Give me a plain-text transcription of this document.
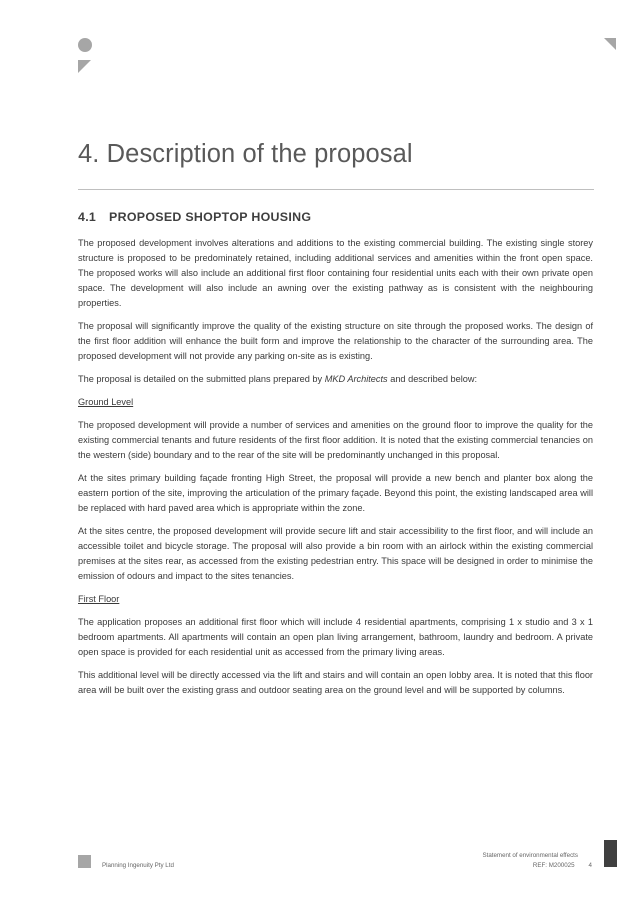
4. Description of the proposal
4.1 PROPOSED SHOPTOP HOUSING

The proposed development involves alterations and additions to the existing commercial building. The existing single storey structure is proposed to be predominately retained, including additional services and amenities within the front open space. The proposed works will also include an additional first floor containing four residential units each with their own private open space. The development will also include an awning over the existing pathway as is consistent with the neighbouring properties.

The proposal will significantly improve the quality of the existing structure on site through the proposed works. The design of the first floor addition will enhance the built form and improve the relationship to the character of the surrounding area. The proposed development will not provide any parking on-site as is existing.

The proposal is detailed on the submitted plans prepared by MKD Architects and described below:

Ground Level

The proposed development will provide a number of services and amenities on the ground floor to improve the quality for the existing commercial tenants and future residents of the first floor addition. It is noted that the existing commercial tenancies on the western (side) boundary and to the rear of the site will be predominantly unchanged in this proposal.

At the sites primary building façade fronting High Street, the proposal will provide a new bench and planter box along the eastern portion of the site, improving the articulation of the primary façade. Beyond this point, the existing landscaped area will be replaced with hard paved area which is appropriate within the zone.

At the sites centre, the proposed development will provide secure lift and stair accessibility to the first floor, and will include an accessible toilet and bicycle storage. The proposal will also provide a bin room with an airlock within the existing commercial premises at the sites rear, as accessed from the existing pedestrian entry. This space will be designed in order to minimise the emission of odours and impact to the sites tenancies.

First Floor

The application proposes an additional first floor which will include 4 residential apartments, comprising 1 x studio and 3 x 1 bedroom apartments. All apartments will contain an open plan living arrangement, bathroom, laundry and bedroom. A private open space is provided for each residential unit as accessed from the primary living areas.

This additional level will be directly accessed via the lift and stairs and will contain an open lobby area. It is noted that this floor area will be built over the existing grass and outdoor seating area on the ground level and will be supported by columns.

Planning Ingenuity Pty Ltd
Statement of environmental effects
REF: M200025 4
